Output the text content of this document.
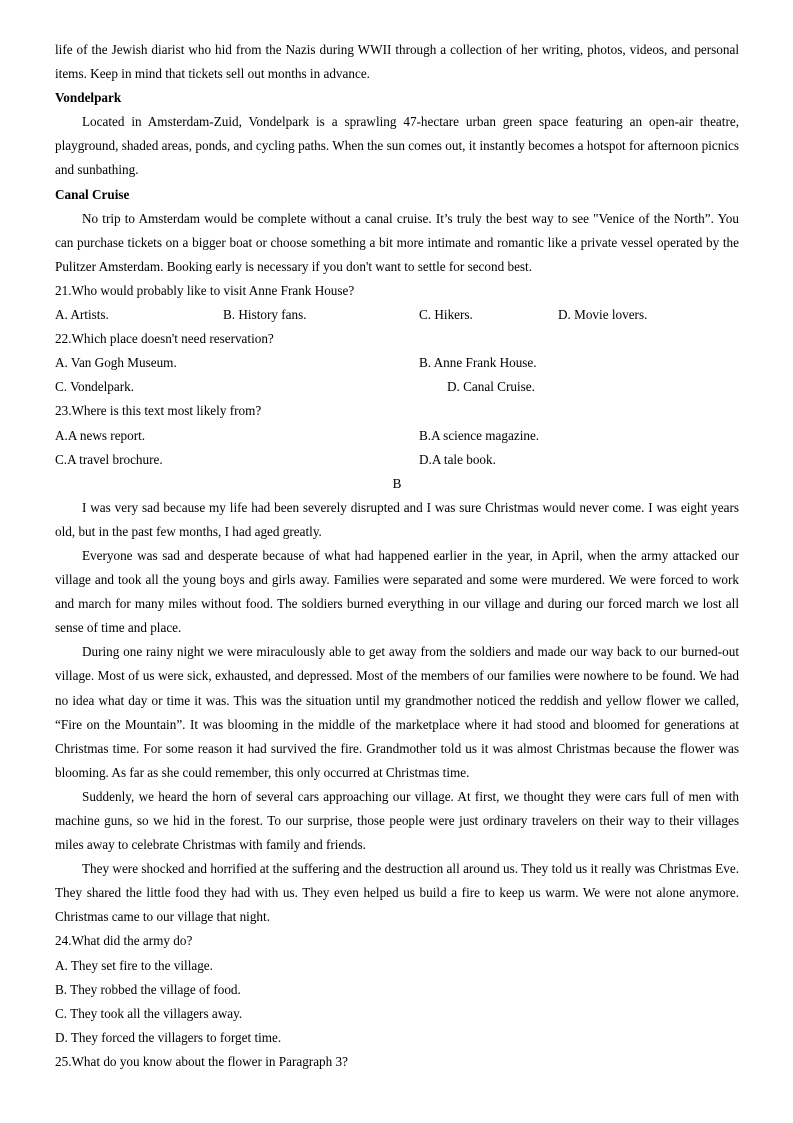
life of the Jewish diarist who hid from the Nazis during WWII through a collection of her writing, photos, videos, and personal items. Keep in mind that tickets sell out months in advance.

Vondelpark

Located in Amsterdam-Zuid, Vondelpark is a sprawling 47-hectare urban green space featuring an open-air theatre, playground, shaded areas, ponds, and cycling paths. When the sun comes out, it instantly becomes a hotspot for afternoon picnics and sunbathing.

Canal Cruise

No trip to Amsterdam would be complete without a canal cruise. It’s truly the best way to see "Venice of the North”. You can purchase tickets on a bigger boat or choose something a bit more intimate and romantic like a private vessel operated by the Pulitzer Amsterdam. Booking early is necessary if you don't want to settle for second best.

21.Who would probably like to visit Anne Frank House?

A. Artists.	B. History fans.	C. Hikers.	D. Movie lovers.

22.Which place doesn't need reservation?

A. Van Gogh Museum.	B. Anne Frank House.
C. Vondelpark.	D. Canal Cruise.

23.Where is this text most likely from?

A.A news report.	B.A science magazine.
C.A travel brochure.	D.A tale book.

B

I was very sad because my life had been severely disrupted and I was sure Christmas would never come. I was eight years old, but in the past few months, I had aged greatly.

Everyone was sad and desperate because of what had happened earlier in the year, in April, when the army attacked our village and took all the young boys and girls away. Families were separated and some were murdered. We were forced to work and march for many miles without food. The soldiers burned everything in our village and during our forced march we lost all sense of time and place.

During one rainy night we were miraculously able to get away from the soldiers and made our way back to our burned-out village. Most of us were sick, exhausted, and depressed. Most of the members of our families were nowhere to be found. We had no idea what day or time it was. This was the situation until my grandmother noticed the reddish and yellow flower we called, “Fire on the Mountain”. It was blooming in the middle of the marketplace where it had stood and bloomed for generations at Christmas time. For some reason it had survived the fire. Grandmother told us it was almost Christmas because the flower was blooming. As far as she could remember, this only occurred at Christmas time.

Suddenly, we heard the horn of several cars approaching our village. At first, we thought they were cars full of men with machine guns, so we hid in the forest. To our surprise, those people were just ordinary travelers on their way to their villages miles away to celebrate Christmas with family and friends.

They were shocked and horrified at the suffering and the destruction all around us. They told us it really was Christmas Eve. They shared the little food they had with us. They even helped us build a fire to keep us warm. We were not alone anymore. Christmas came to our village that night.

24.What did the army do?

A. They set fire to the village.

B. They robbed the village of food.

C. They took all the villagers away.

D. They forced the villagers to forget time.

25.What do you know about the flower in Paragraph 3?
